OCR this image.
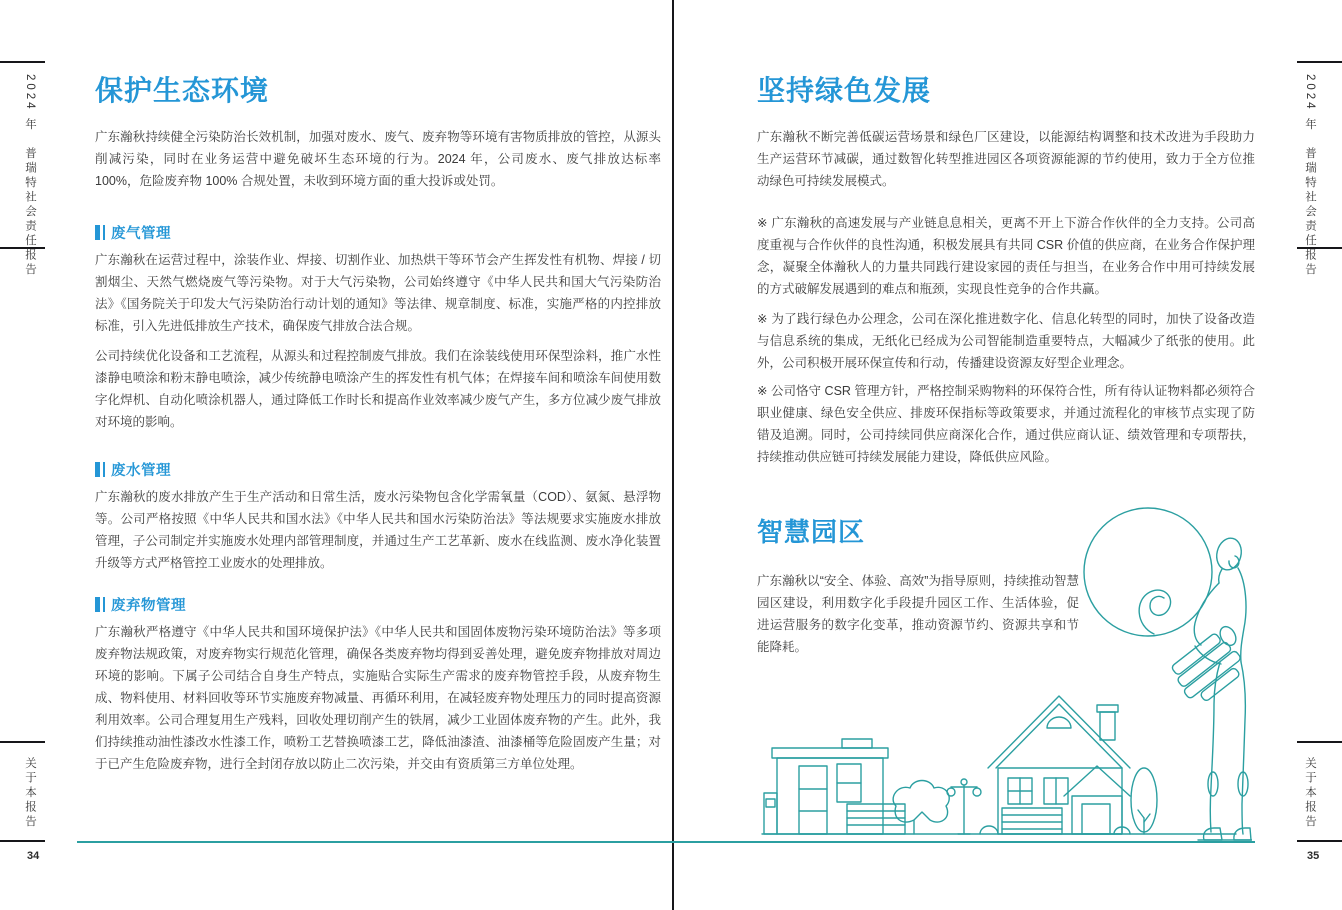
2024 年　普瑞特社会责任报告
关于本报告
34
2024 年　普瑞特社会责任报告
关于本报告
35
保护生态环境

广东瀚秋持续健全污染防治长效机制，加强对废水、废气、废弃物等环境有害物质排放的管控，从源头削减污染，同时在业务运营中避免破坏生态环境的行为。2024 年，公司废水、废气排放达标率 100%，危险废弃物 100% 合规处置，未收到环境方面的重大投诉或处罚。

废气管理

广东瀚秋在运营过程中，涂装作业、焊接、切割作业、加热烘干等环节会产生挥发性有机物、焊接 / 切割烟尘、天然气燃烧废气等污染物。对于大气污染物，公司始终遵守《中华人民共和国大气污染防治法》《国务院关于印发大气污染防治行动计划的通知》等法律、规章制度、标准，实施严格的内控排放标准，引入先进低排放生产技术，确保废气排放合法合规。

公司持续优化设备和工艺流程，从源头和过程控制废气排放。我们在涂装线使用环保型涂料，推广水性漆静电喷涂和粉末静电喷涂，减少传统静电喷涂产生的挥发性有机气体；在焊接车间和喷涂车间使用数字化焊机、自动化喷涂机器人，通过降低工作时长和提高作业效率减少废气产生，多方位减少废气排放对环境的影响。

废水管理

广东瀚秋的废水排放产生于生产活动和日常生活，废水污染物包含化学需氧量（COD）、氨氮、悬浮物等。公司严格按照《中华人民共和国水法》《中华人民共和国水污染防治法》等法规要求实施废水排放管理，子公司制定并实施废水处理内部管理制度，并通过生产工艺革新、废水在线监测、废水净化装置升级等方式严格管控工业废水的处理排放。

废弃物管理

广东瀚秋严格遵守《中华人民共和国环境保护法》《中华人民共和国固体废物污染环境防治法》等多项废弃物法规政策，对废弃物实行规范化管理，确保各类废弃物均得到妥善处理，避免废弃物排放对周边环境的影响。下属子公司结合自身生产特点，实施贴合实际生产需求的废弃物管控手段，从废弃物生成、物料使用、材料回收等环节实施废弃物减量、再循环利用，在减轻废弃物处理压力的同时提高资源利用效率。公司合理复用生产残料，回收处理切削产生的铁屑，减少工业固体废弃物的产生。此外，我们持续推动油性漆改水性漆工作，喷粉工艺替换喷漆工艺，降低油漆渣、油漆桶等危险固废产生量；对于已产生危险废弃物，进行全封闭存放以防止二次污染，并交由有资质第三方单位处理。

坚持绿色发展

广东瀚秋不断完善低碳运营场景和绿色厂区建设，以能源结构调整和技术改进为手段助力生产运营环节减碳，通过数智化转型推进园区各项资源能源的节约使用，致力于全方位推动绿色可持续发展模式。

※ 广东瀚秋的高速发展与产业链息息相关，更离不开上下游合作伙伴的全力支持。公司高度重视与合作伙伴的良性沟通，积极发展具有共同 CSR 价值的供应商，在业务合作保护理念，凝聚全体瀚秋人的力量共同践行建设家园的责任与担当，在业务合作中用可持续发展的方式破解发展遇到的难点和瓶颈，实现良性竞争的合作共赢。

※ 为了践行绿色办公理念，公司在深化推进数字化、信息化转型的同时，加快了设备改造与信息系统的集成，无纸化已经成为公司智能制造重要特点，大幅减少了纸张的使用。此外，公司积极开展环保宣传和行动，传播建设资源友好型企业理念。

※ 公司恪守 CSR 管理方针，严格控制采购物料的环保符合性，所有待认证物料都必须符合职业健康、绿色安全供应、排废环保指标等政策要求，并通过流程化的审核节点实现了防错及追溯。同时，公司持续同供应商深化合作，通过供应商认证、绩效管理和专项帮扶，持续推动供应链可持续发展能力建设，降低供应风险。

智慧园区

广东瀚秋以“安全、体验、高效”为指导原则，持续推动智慧园区建设，利用数字化手段提升园区工作、生活体验，促进运营服务的数字化变革，推动资源节约、资源共享和节能降耗。
